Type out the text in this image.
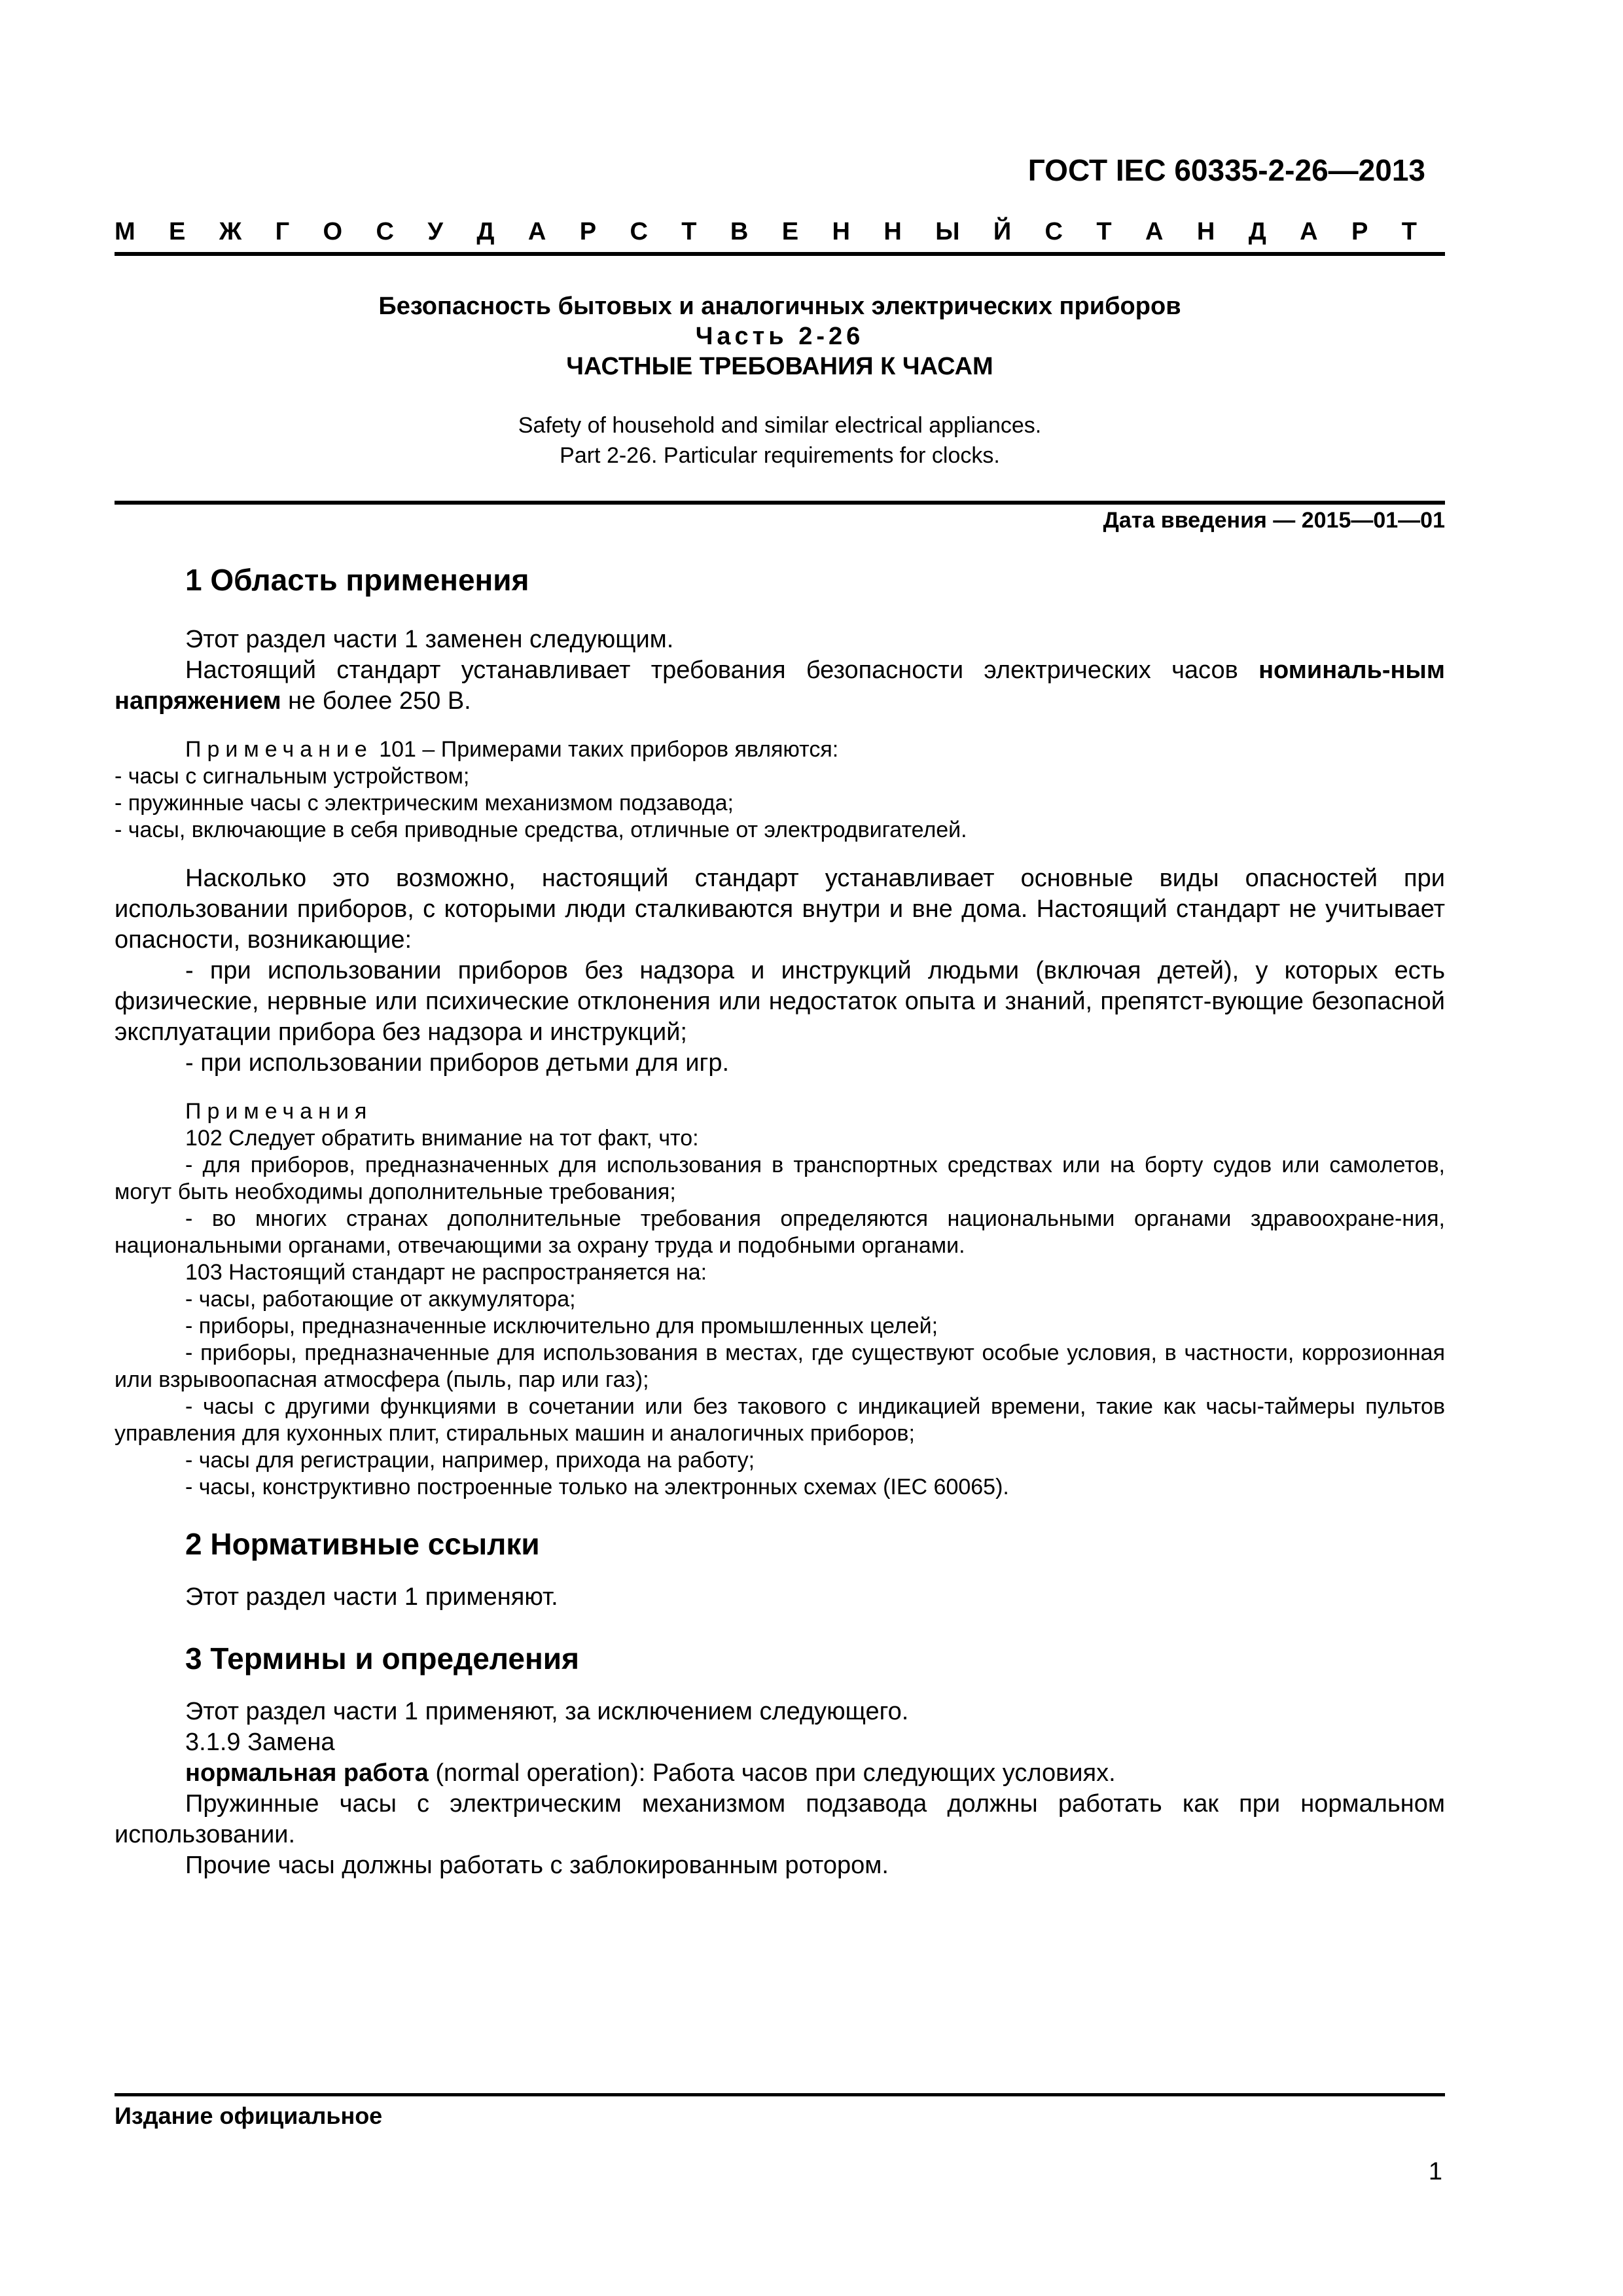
ГОСТ IEC 60335-2-26—2013
М Е Ж Г О С У Д А Р С Т В Е Н Н Ы Й С Т А Н Д А Р Т
Безопасность бытовых и аналогичных электрических приборов
Часть 2-26
ЧАСТНЫЕ ТРЕБОВАНИЯ К ЧАСАМ
Safety of household and similar electrical appliances.
Part 2-26. Particular requirements for clocks.
Дата введения — 2015—01—01
1 Область применения

Этот раздел части 1 заменен следующим.

Настоящий стандарт устанавливает требования безопасности электрических часов номиналь-ным напряжением не более 250 В.

Примечание 101 – Примерами таких приборов являются:

- часы с сигнальным устройством;

- пружинные часы с электрическим механизмом подзавода;

- часы, включающие в себя приводные средства, отличные от электродвигателей.

Насколько это возможно, настоящий стандарт устанавливает основные виды опасностей при использовании приборов, с которыми люди сталкиваются внутри и вне дома. Настоящий стандарт не учитывает опасности, возникающие:

- при использовании приборов без надзора и инструкций людьми (включая детей), у которых есть физические, нервные или психические отклонения или недостаток опыта и знаний, препятст-вующие безопасной эксплуатации прибора без надзора и инструкций;

- при использовании приборов детьми для игр.

Примечания

102 Следует обратить внимание на тот факт, что:

- для приборов, предназначенных для использования в транспортных средствах или на борту судов или самолетов, могут быть необходимы дополнительные требования;

- во многих странах дополнительные требования определяются национальными органами здравоохране-ния, национальными органами, отвечающими за охрану труда и подобными органами.

103 Настоящий стандарт не распространяется на:

- часы, работающие от аккумулятора;

- приборы, предназначенные исключительно для промышленных целей;

- приборы, предназначенные для использования в местах, где существуют особые условия, в частности, коррозионная или взрывоопасная атмосфера (пыль, пар или газ);

- часы с другими функциями в сочетании или без такового с индикацией времени, такие как часы-таймеры пультов управления для кухонных плит, стиральных машин и аналогичных приборов;

- часы для регистрации, например, прихода на работу;

- часы, конструктивно построенные только на электронных схемах (IEC 60065).

2 Нормативные ссылки

Этот раздел части 1 применяют.

3 Термины и определения

Этот раздел части 1 применяют, за исключением следующего.

3.1.9 Замена

нормальная работа (normal operation): Работа часов при следующих условиях.

Пружинные часы с электрическим механизмом подзавода должны работать как при нормальном использовании.

Прочие часы должны работать с заблокированным ротором.

Издание официальное
1
